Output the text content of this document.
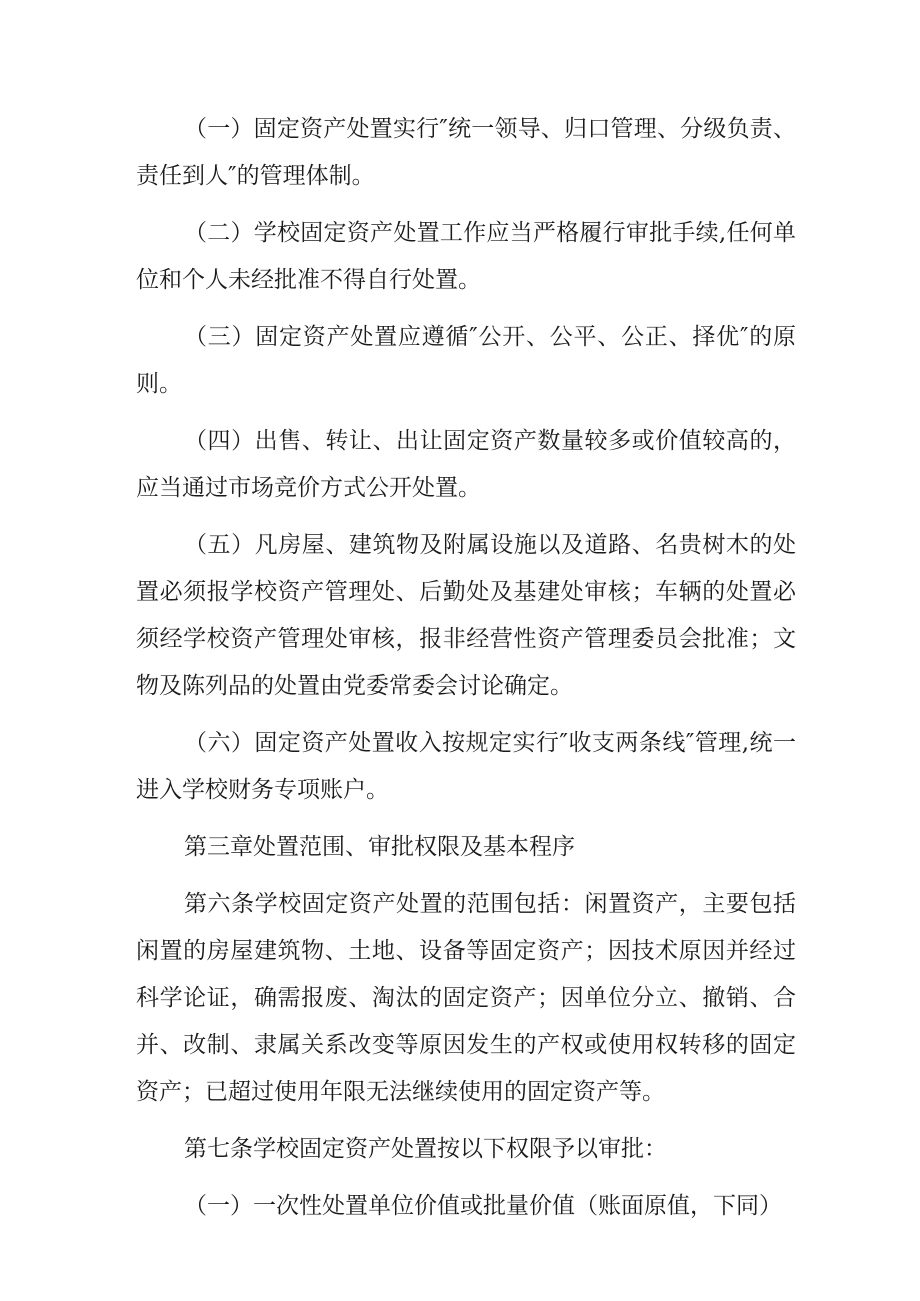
（一）固定资产处置实行″统一领导、归口管理、分级负责、责任到人″的管理体制。

（二）学校固定资产处置工作应当严格履行审批手续,任何单位和个人未经批准不得自行处置。

（三）固定资产处置应遵循″公开、公平、公正、择优″的原则。

（四）出售、转让、出让固定资产数量较多或价值较高的，应当通过市场竞价方式公开处置。

（五）凡房屋、建筑物及附属设施以及道路、名贵树木的处置必须报学校资产管理处、后勤处及基建处审核；车辆的处置必须经学校资产管理处审核，报非经营性资产管理委员会批准；文物及陈列品的处置由党委常委会讨论确定。

（六）固定资产处置收入按规定实行″收支两条线″管理,统一进入学校财务专项账户。

第三章处置范围、审批权限及基本程序

第六条学校固定资产处置的范围包括：闲置资产，主要包括闲置的房屋建筑物、土地、设备等固定资产；因技术原因并经过科学论证，确需报废、淘汰的固定资产；因单位分立、撤销、合并、改制、隶属关系改变等原因发生的产权或使用权转移的固定资产；已超过使用年限无法继续使用的固定资产等。

第七条学校固定资产处置按以下权限予以审批：

（一）一次性处置单位价值或批量价值（账面原值，下同）
